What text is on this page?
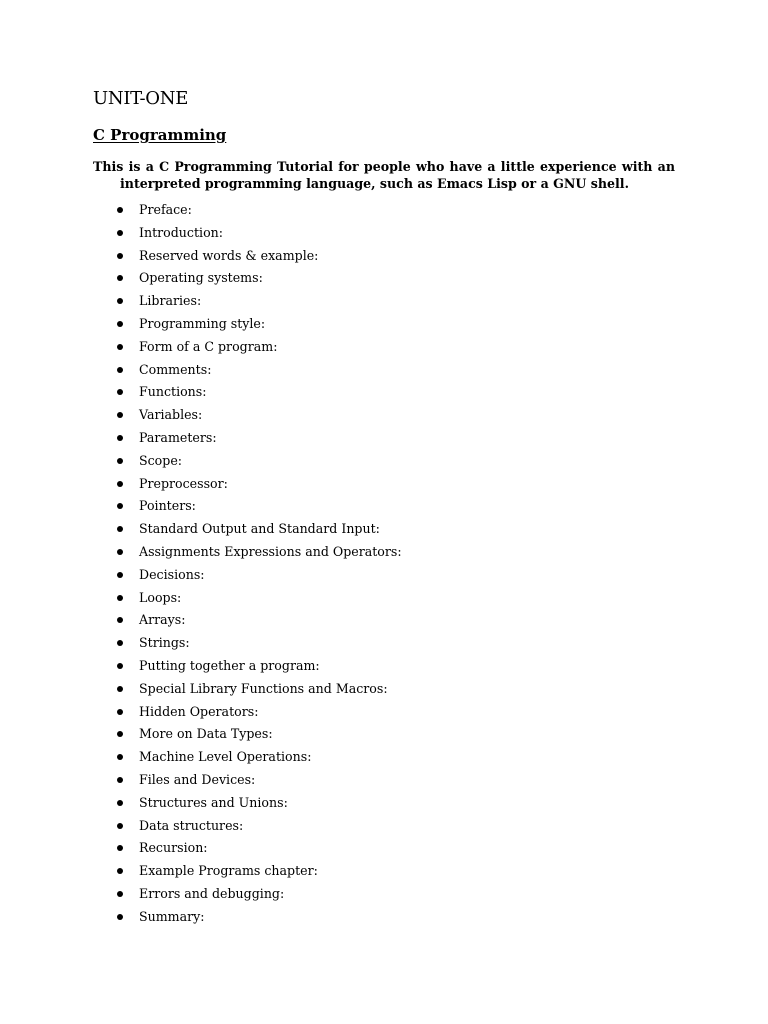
UNIT-ONE
C Programming

This is a C Programming Tutorial for people who have a little experience with an interpreted programming language, such as Emacs Lisp or a GNU shell.

Preface:
Introduction:
Reserved words & example:
Operating systems:
Libraries:
Programming style:
Form of a C program:
Comments:
Functions:
Variables:
Parameters:
Scope:
Preprocessor:
Pointers:
Standard Output and Standard Input:
Assignments Expressions and Operators:
Decisions:
Loops:
Arrays:
Strings:
Putting together a program:
Special Library Functions and Macros:
Hidden Operators:
More on Data Types:
Machine Level Operations:
Files and Devices:
Structures and Unions:
Data structures:
Recursion:
Example Programs chapter:
Errors and debugging:
Summary:
